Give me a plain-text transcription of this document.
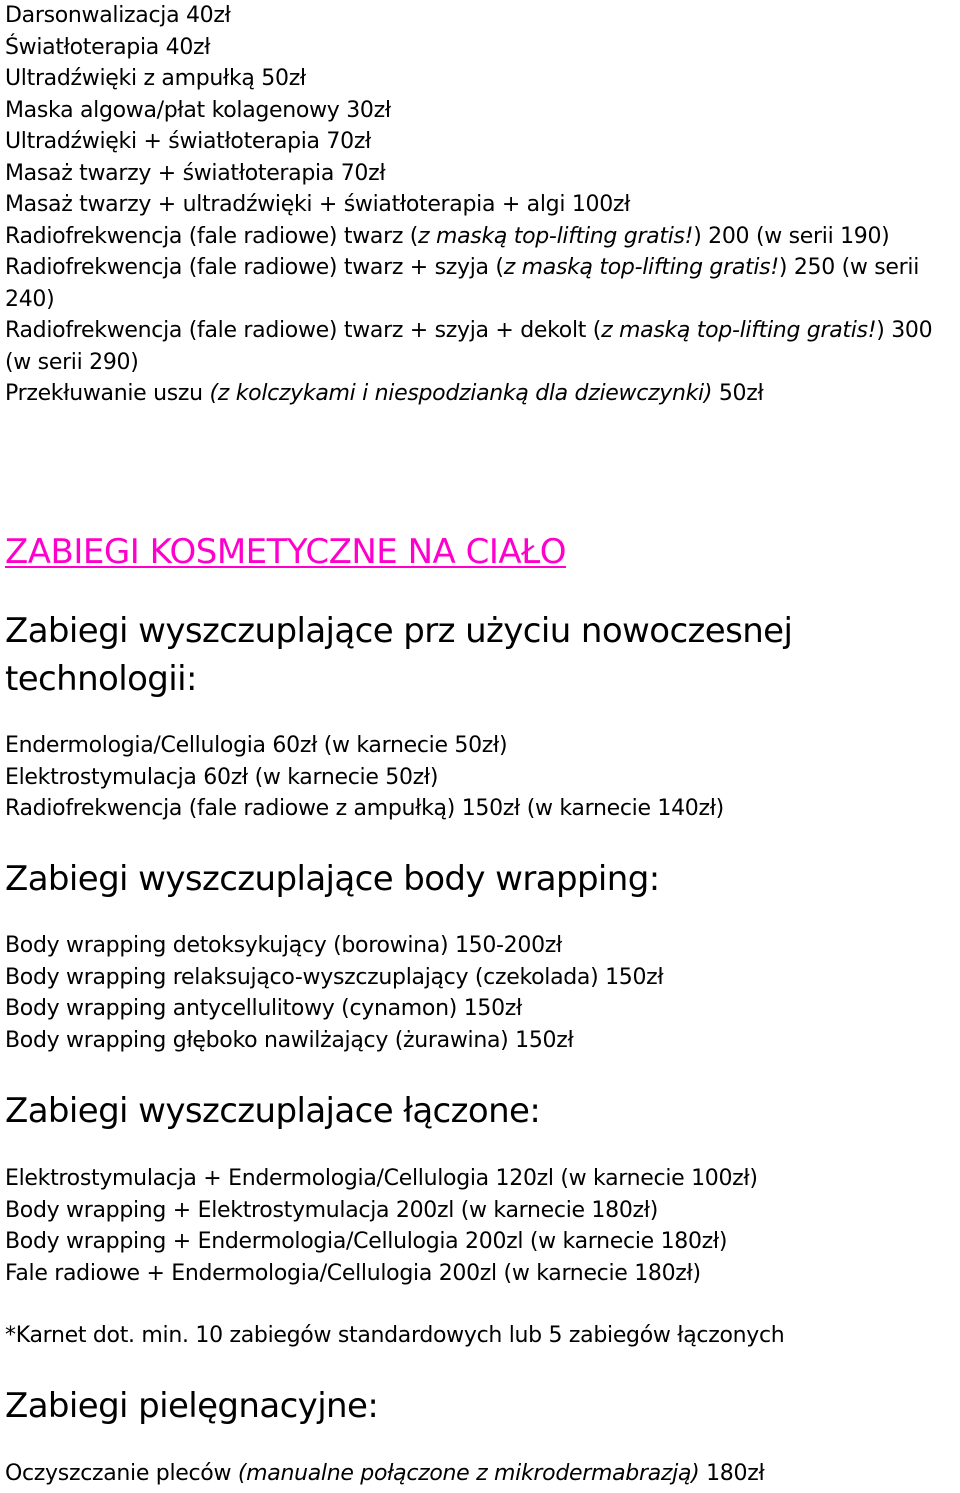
Darsonwalizacja 40zł
Światłoterapia 40zł
Ultradźwięki z ampułką 50zł
Maska algowa/płat kolagenowy 30zł
Ultradźwięki + światłoterapia 70zł
Masaż twarzy + światłoterapia 70zł
Masaż twarzy + ultradźwięki + światłoterapia + algi 100zł
Radiofrekwencja (fale radiowe) twarz (z maską top-lifting gratis!) 200 (w serii 190)
Radiofrekwencja (fale radiowe) twarz + szyja (z maską top-lifting gratis!) 250 (w serii 240)
Radiofrekwencja (fale radiowe) twarz + szyja + dekolt (z maską top-lifting gratis!) 300 (w serii 290)
Przekłuwanie uszu (z kolczykami i niespodzianką dla dziewczynki) 50zł
ZABIEGI KOSMETYCZNE NA CIAŁO
Zabiegi wyszczuplające prz użyciu nowoczesnej technologii:
Endermologia/Cellulogia 60zł (w karnecie 50zł)
Elektrostymulacja 60zł (w karnecie 50zł)
Radiofrekwencja (fale radiowe z ampułką) 150zł (w karnecie 140zł)
Zabiegi wyszczuplające body wrapping:
Body wrapping detoksykujący (borowina) 150-200zł
Body wrapping relaksująco-wyszczuplający (czekolada) 150zł
Body wrapping antycellulitowy (cynamon) 150zł
Body wrapping głęboko nawilżający (żurawina) 150zł
Zabiegi wyszczuplajace łączone:
Elektrostymulacja + Endermologia/Cellulogia 120zl (w karnecie 100zł)
Body wrapping + Elektrostymulacja 200zl (w karnecie 180zł)
Body wrapping + Endermologia/Cellulogia 200zl (w karnecie 180zł)
Fale radiowe + Endermologia/Cellulogia 200zl (w karnecie 180zł)
*Karnet dot. min. 10 zabiegów standardowych lub 5 zabiegów łączonych
Zabiegi pielęgnacyjne:
Oczyszczanie pleców (manualne połączone z mikrodermabrazją) 180zł
